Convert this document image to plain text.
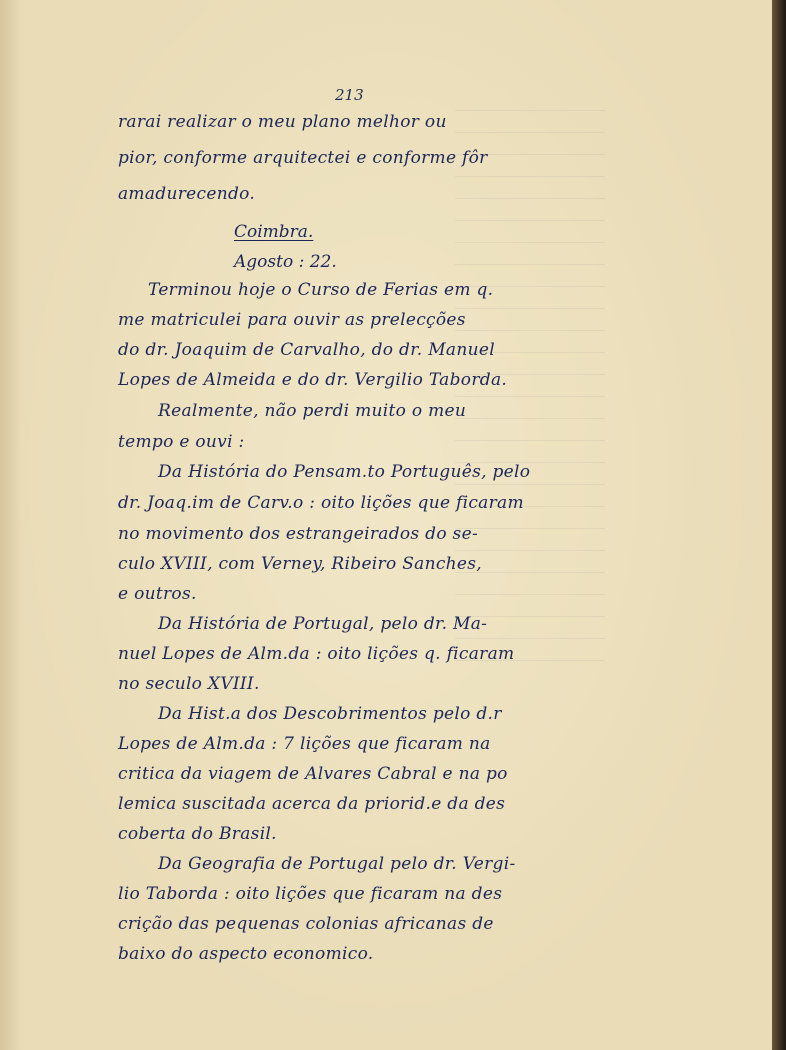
213
rarai realizar o meu plano melhor ou
pior, conforme arquitectei e conforme fôr
amadurecendo.
Coimbra.
Agosto : 22.
Terminou hoje o Curso de Ferias em q.
me matriculei para ouvir as prelecções
do dr. Joaquim de Carvalho, do dr. Manuel
Lopes de Almeida e do dr. Vergilio Taborda.
Realmente, não perdi muito o meu
tempo e ouvi :
Da História do Pensam.to Português, pelo
dr. Joaq.im de Carv.o : oito lições que ficaram
no movimento dos estrangeirados do se-
culo XVIII, com Verney, Ribeiro Sanches,
e outros.
Da História de Portugal, pelo dr. Ma-
nuel Lopes de Alm.da : oito lições q. ficaram
no seculo XVIII.
Da Hist.a dos Descobrimentos pelo d.r
Lopes de Alm.da : 7 lições que ficaram na
critica da viagem de Alvares Cabral e na po
lemica suscitada acerca da priorid.e da des
coberta do Brasil.
Da Geografia de Portugal pelo dr. Vergi-
lio Taborda : oito lições que ficaram na des
crição das pequenas colonias africanas de
baixo do aspecto economico.
